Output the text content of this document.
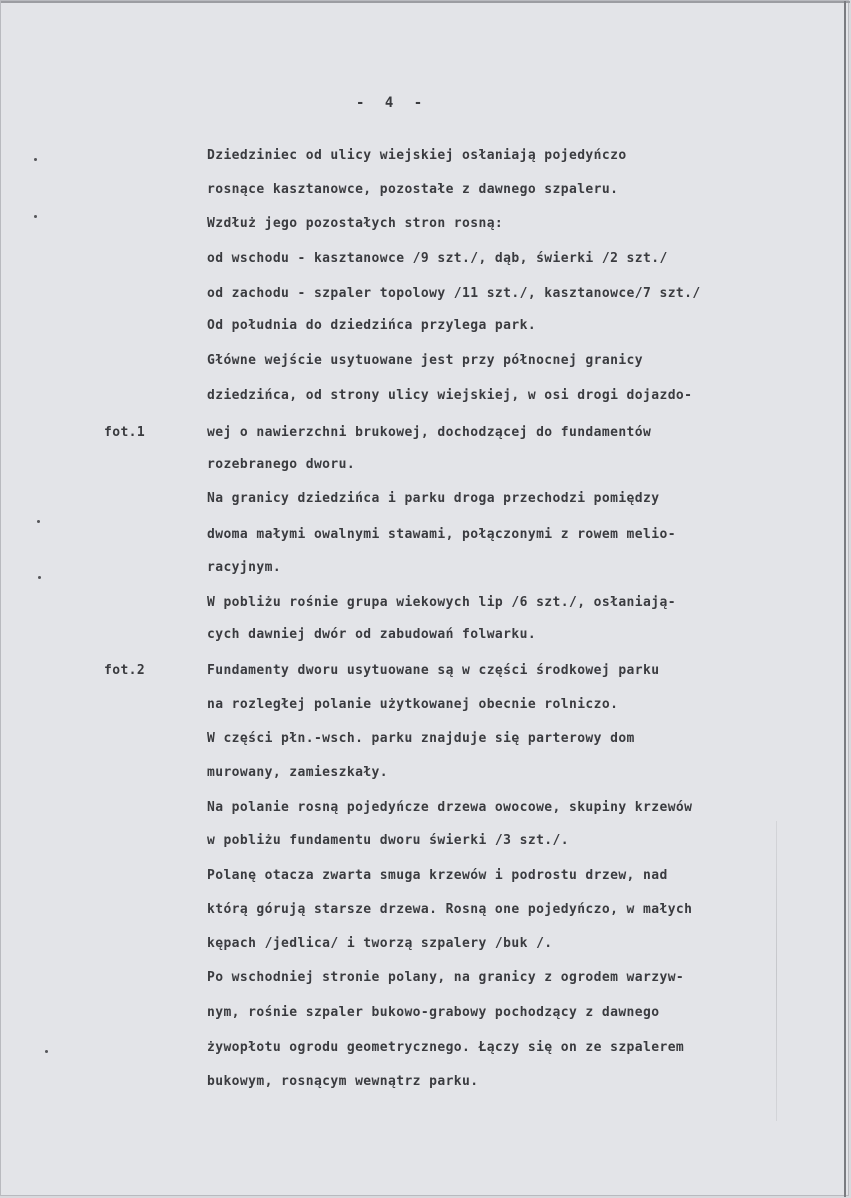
- 4 -
fot.1
fot.2
Dziedziniec od ulicy wiejskiej osłaniają pojedyńczo
rosnące kasztanowce, pozostałe z dawnego szpaleru.
Wzdłuż jego pozostałych stron rosną:
od wschodu - kasztanowce /9 szt./, dąb, świerki /2 szt./
od zachodu - szpaler topolowy /11 szt./, kasztanowce/7 szt./
Od południa do dziedzińca przylega park.
Główne wejście usytuowane jest przy północnej granicy
dziedzińca, od strony ulicy wiejskiej, w osi drogi dojazdo-
wej o nawierzchni brukowej, dochodzącej do fundamentów
rozebranego dworu.
Na granicy dziedzińca i parku droga przechodzi pomiędzy
dwoma małymi owalnymi stawami, połączonymi z rowem melio-
racyjnym.
W pobliżu rośnie grupa wiekowych lip /6 szt./, osłaniają-
cych dawniej dwór od zabudowań folwarku.
Fundamenty dworu usytuowane są w części środkowej parku
na rozległej polanie użytkowanej obecnie rolniczo.
W części płn.-wsch. parku znajduje się parterowy dom
murowany, zamieszkały.
Na polanie rosną pojedyńcze drzewa owocowe, skupiny krzewów
w pobliżu fundamentu dworu świerki /3 szt./.
Polanę otacza zwarta smuga krzewów i podrostu drzew, nad
którą górują starsze drzewa. Rosną one pojedyńczo, w małych
kępach /jedlica/ i tworzą szpalery /buk /.
Po wschodniej stronie polany, na granicy z ogrodem warzyw-
nym, rośnie szpaler bukowo-grabowy pochodzący z dawnego
żywopłotu ogrodu geometrycznego. Łączy się on ze szpalerem
bukowym, rosnącym wewnątrz parku.
